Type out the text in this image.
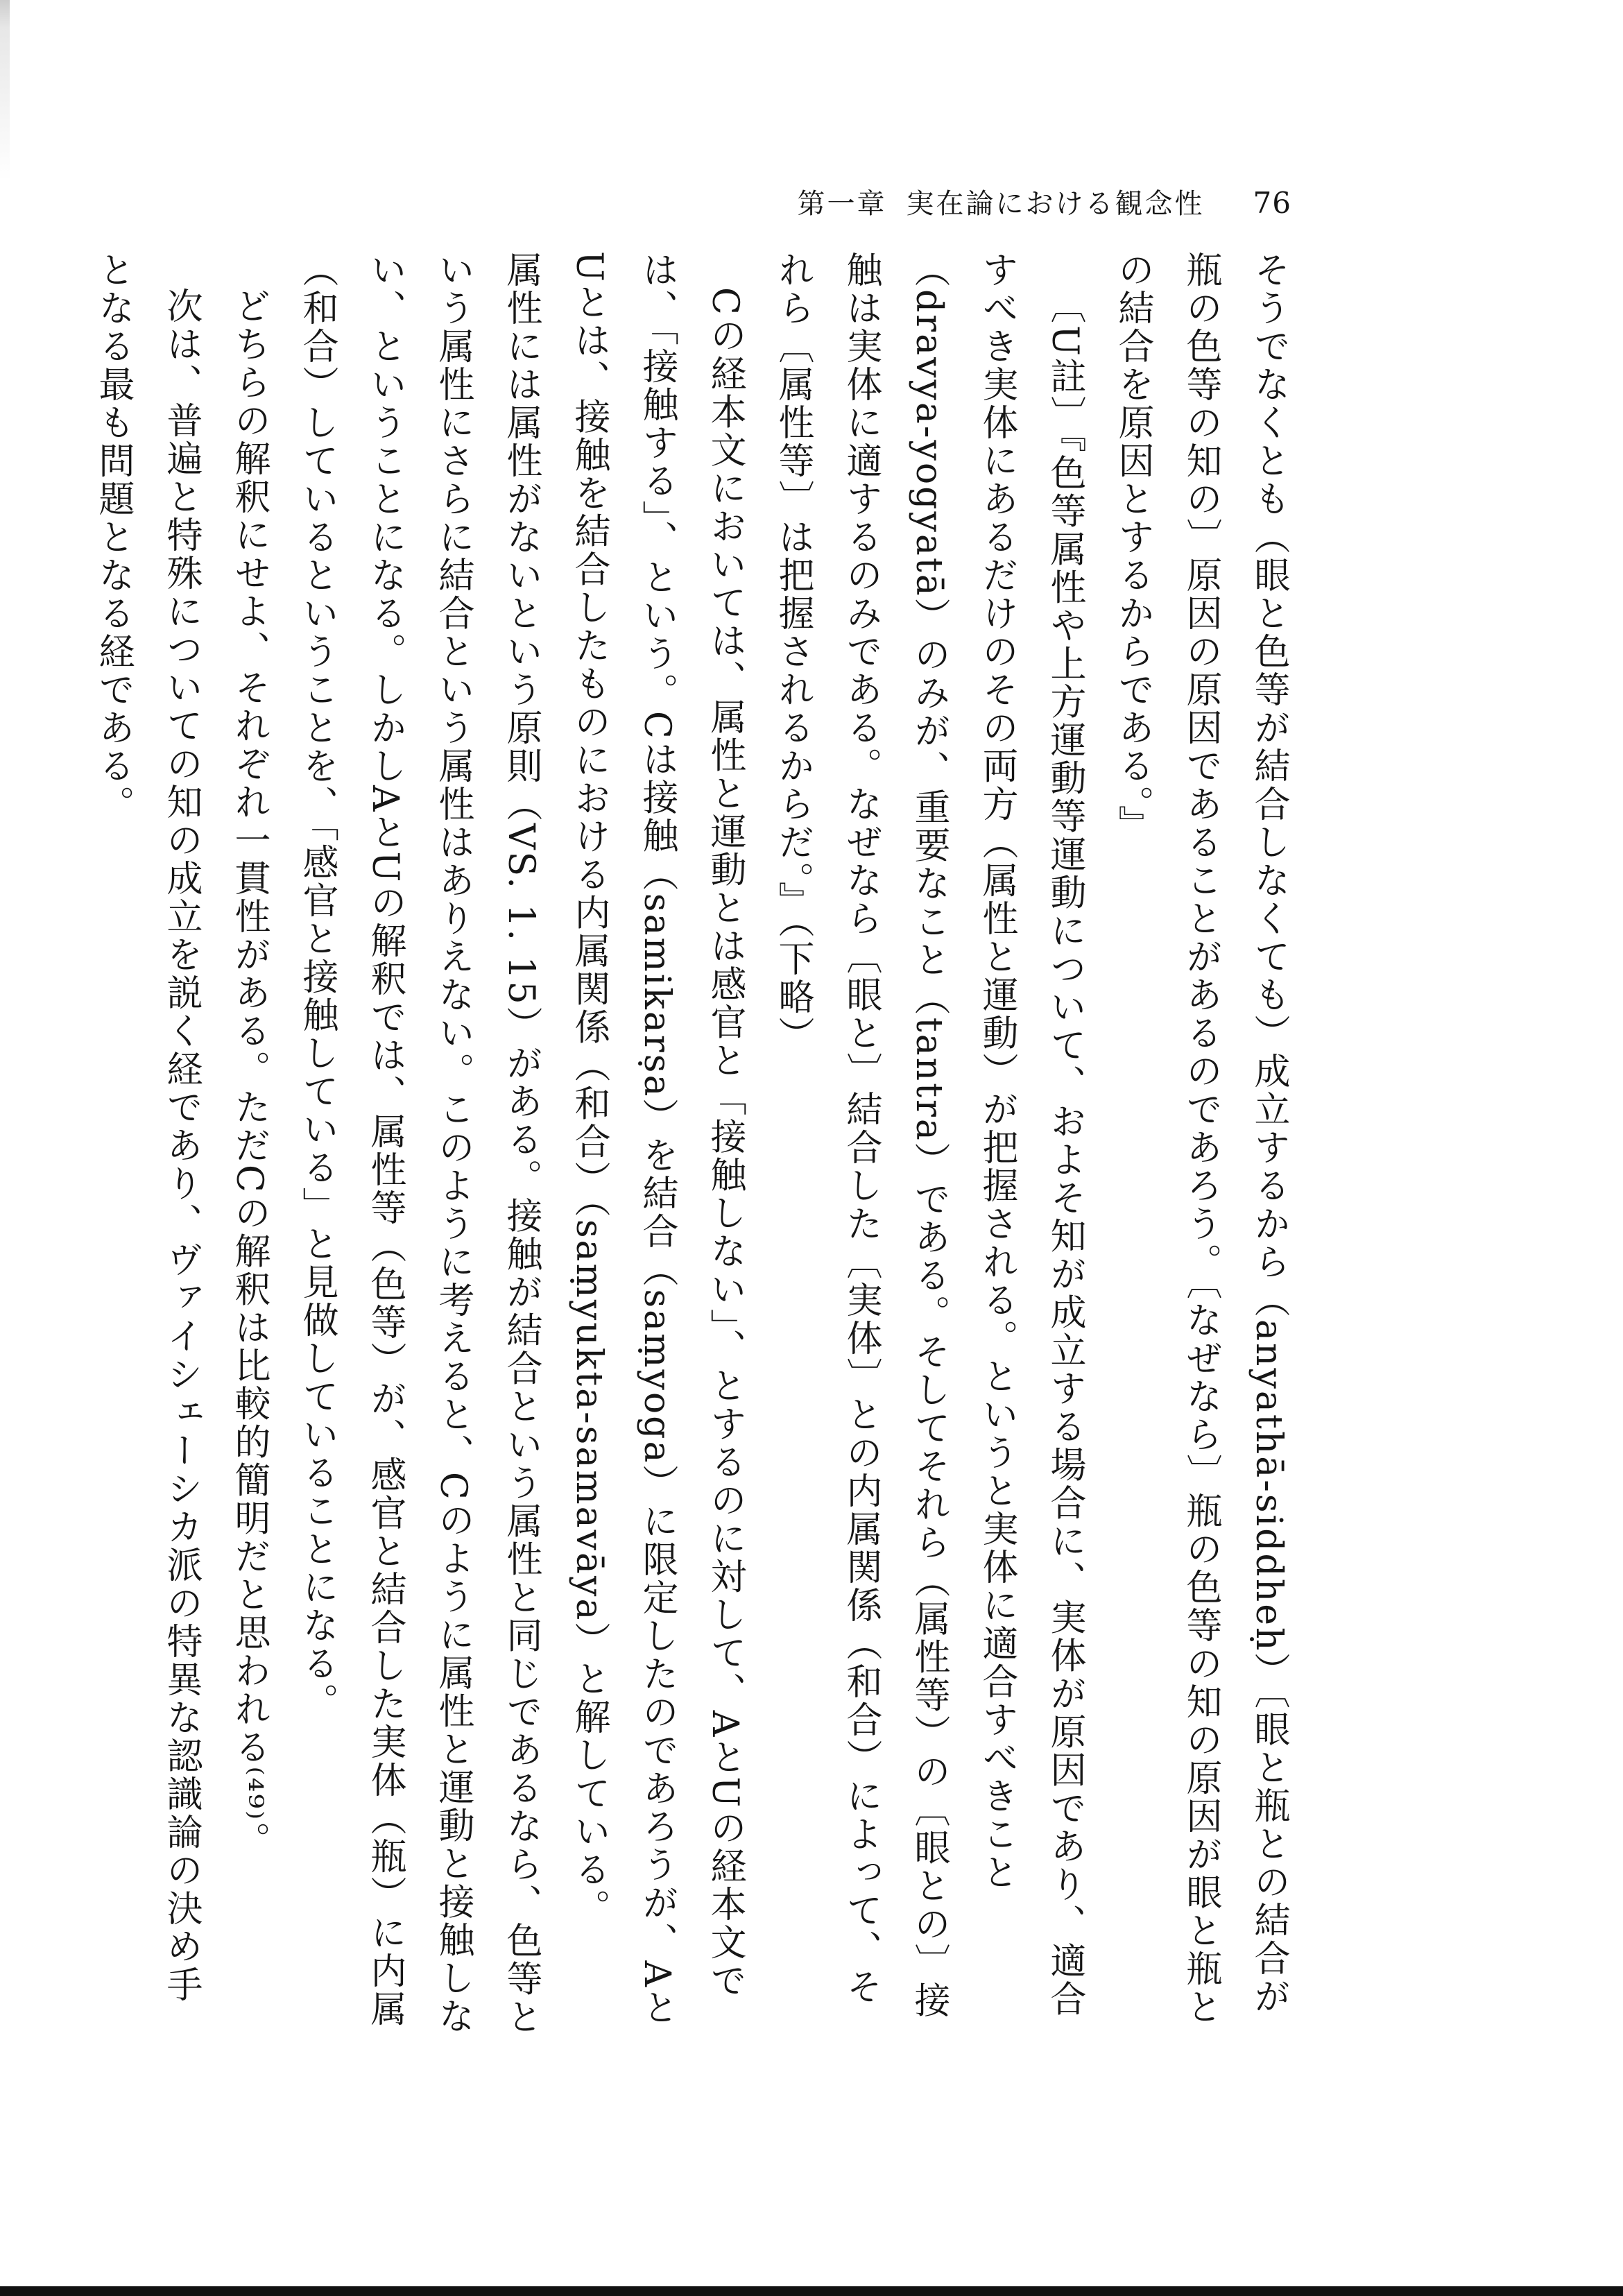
第一章 実在論における観念性 76

そうでなくとも（眼と色等が結合しなくても）成立するから（anyathā-siddheḥ）〔眼と瓶との結合が瓶の色等の知の〕原因の原因であることがあるのであろう。〔なぜなら〕瓶の色等の知の原因が眼と瓶との結合を原因とするからである。』

〔U註〕『色等属性や上方運動等運動について、およそ知が成立する場合に、実体が原因であり、適合すべき実体にあるだけのその両方（属性と運動）が把握される。というと実体に適合すべきこと（dravya-yogyatā）のみが、重要なこと（tantra）である。そしてそれら（属性等）の〔眼との〕接触は実体に適するのみである。なぜなら〔眼と〕結合した〔実体〕との内属関係（和合）によって、それら〔属性等〕は把握されるからだ。』（下略）

Cの経本文においては、属性と運動とは感官と「接触しない」、とするのに対して、AとUの経本文では、「接触する」、という。Cは接触（samikarṣa）を結合（saṃyoga）に限定したのであろうが、AとUとは、接触を結合したものにおける内属関係（和合）（saṃyukta-samavāya）と解している。

属性には属性がないという原則（VS. 1. 15）がある。接触が結合という属性と同じであるなら、色等という属性にさらに結合という属性はありえない。このように考えると、Cのように属性と運動と接触しない、ということになる。しかしAとUの解釈では、属性等（色等）が、感官と結合した実体（瓶）に内属（和合）しているということを、「感官と接触している」と見做していることになる。

どちらの解釈にせよ、それぞれ一貫性がある。ただCの解釈は比較的簡明だと思われる⁽⁴⁹⁾。

次は、普遍と特殊についての知の成立を説く経であり、ヴァイシェーシカ派の特異な認識論の決め手となる最も問題となる経である。
